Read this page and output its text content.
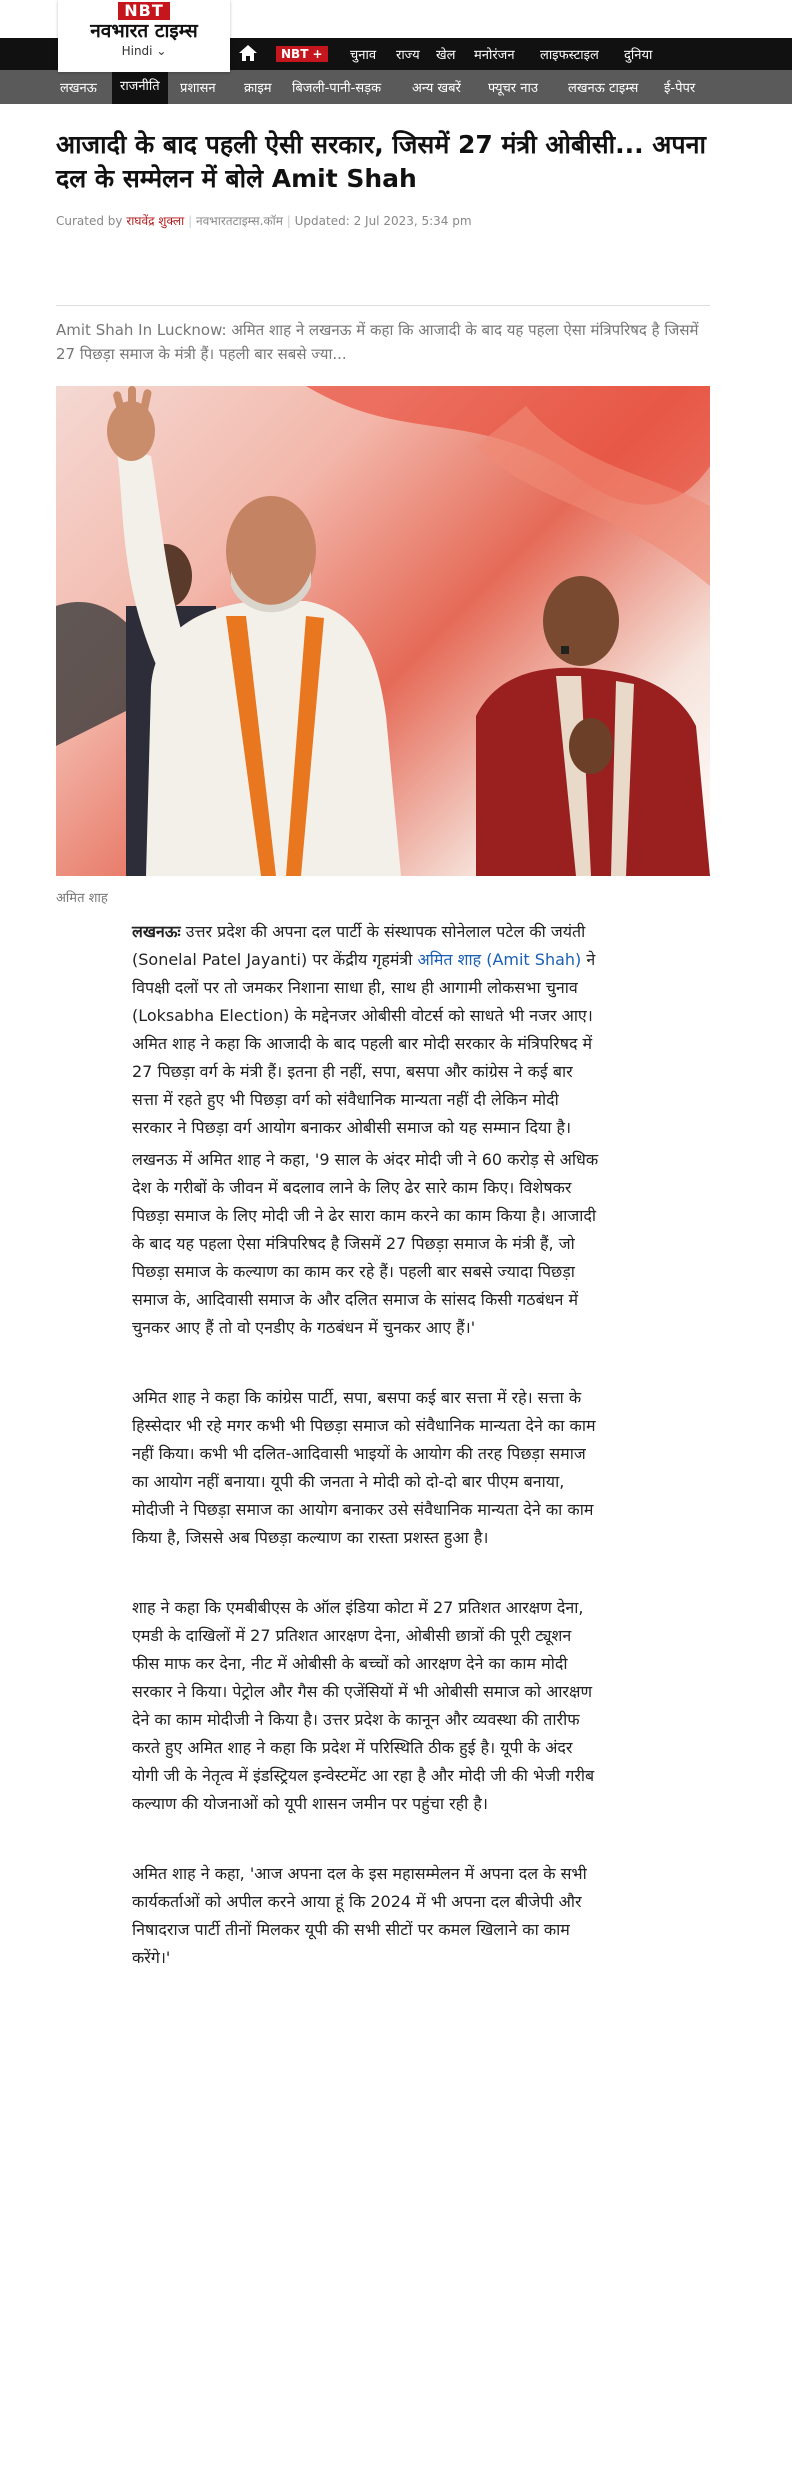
NBT
नवभारत टाइम्स
Hindi ⌄	NBT +	चुनाव राज्य खेल मनोरंजन लाइफस्टाइल दुनिया
लखनऊ	राजनीति	प्रशासन क्राइम बिजली-पानी-सड़क अन्य खबरें फ्यूचर नाउ लखनऊ टाइम्स ई-पेपर
आजादी के बाद पहली ऐसी सरकार, जिसमें 27 मंत्री ओबीसी... अपना दल के सम्मेलन में बोले Amit Shah
Curated by राघवेंद्र शुक्ला | नवभारतटाइम्स.कॉम | Updated: 2 Jul 2023, 5:34 pm
Amit Shah In Lucknow: अमित शाह ने लखनऊ में कहा कि आजादी के बाद यह पहला ऐसा मंत्रिपरिषद है जिसमें 27 पिछड़ा समाज के मंत्री हैं। पहली बार सबसे ज्या...
अमित शाह

लखनऊः उत्तर प्रदेश की अपना दल पार्टी के संस्थापक सोनेलाल पटेल की जयंती (Sonelal Patel Jayanti) पर केंद्रीय गृहमंत्री अमित शाह (Amit Shah) ने विपक्षी दलों पर तो जमकर निशाना साधा ही, साथ ही आगामी लोकसभा चुनाव (Loksabha Election) के मद्देनजर ओबीसी वोटर्स को साधते भी नजर आए। अमित शाह ने कहा कि आजादी के बाद पहली बार मोदी सरकार के मंत्रिपरिषद में 27 पिछड़ा वर्ग के मंत्री हैं। इतना ही नहीं, सपा, बसपा और कांग्रेस ने कई बार सत्ता में रहते हुए भी पिछड़ा वर्ग को संवैधानिक मान्यता नहीं दी लेकिन मोदी सरकार ने पिछड़ा वर्ग आयोग बनाकर ओबीसी समाज को यह सम्मान दिया है।

लखनऊ में अमित शाह ने कहा, '9 साल के अंदर मोदी जी ने 60 करोड़ से अधिक देश के गरीबों के जीवन में बदलाव लाने के लिए ढेर सारे काम किए। विशेषकर पिछड़ा समाज के लिए मोदी जी ने ढेर सारा काम करने का काम किया है। आजादी के बाद यह पहला ऐसा मंत्रिपरिषद है जिसमें 27 पिछड़ा समाज के मंत्री हैं, जो पिछड़ा समाज के कल्याण का काम कर रहे हैं। पहली बार सबसे ज्यादा पिछड़ा समाज के, आदिवासी समाज के और दलित समाज के सांसद किसी गठबंधन में चुनकर आए हैं तो वो एनडीए के गठबंधन में चुनकर आए हैं।'

अमित शाह ने कहा कि कांग्रेस पार्टी, सपा, बसपा कई बार सत्ता में रहे। सत्ता के हिस्सेदार भी रहे मगर कभी भी पिछड़ा समाज को संवैधानिक मान्यता देने का काम नहीं किया। कभी भी दलित-आदिवासी भाइयों के आयोग की तरह पिछड़ा समाज का आयोग नहीं बनाया। यूपी की जनता ने मोदी को दो-दो बार पीएम बनाया, मोदीजी ने पिछड़ा समाज का आयोग बनाकर उसे संवैधानिक मान्यता देने का काम किया है, जिससे अब पिछड़ा कल्याण का रास्ता प्रशस्त हुआ है।

शाह ने कहा कि एमबीबीएस के ऑल इंडिया कोटा में 27 प्रतिशत आरक्षण देना, एमडी के दाखिलों में 27 प्रतिशत आरक्षण देना, ओबीसी छात्रों की पूरी ट्यूशन फीस माफ कर देना, नीट में ओबीसी के बच्चों को आरक्षण देने का काम मोदी सरकार ने किया। पेट्रोल और गैस की एजेंसियों में भी ओबीसी समाज को आरक्षण देने का काम मोदीजी ने किया है। उत्तर प्रदेश के कानून और व्यवस्था की तारीफ करते हुए अमित शाह ने कहा कि प्रदेश में परिस्थिति ठीक हुई है। यूपी के अंदर योगी जी के नेतृत्व में इंडस्ट्रियल इन्वेस्टमेंट आ रहा है और मोदी जी की भेजी गरीब कल्याण की योजनाओं को यूपी शासन जमीन पर पहुंचा रही है।

अमित शाह ने कहा, 'आज अपना दल के इस महासम्मेलन में अपना दल के सभी कार्यकर्ताओं को अपील करने आया हूं कि 2024 में भी अपना दल बीजेपी और निषादराज पार्टी तीनों मिलकर यूपी की सभी सीटों पर कमल खिलाने का काम करेंगे।'
